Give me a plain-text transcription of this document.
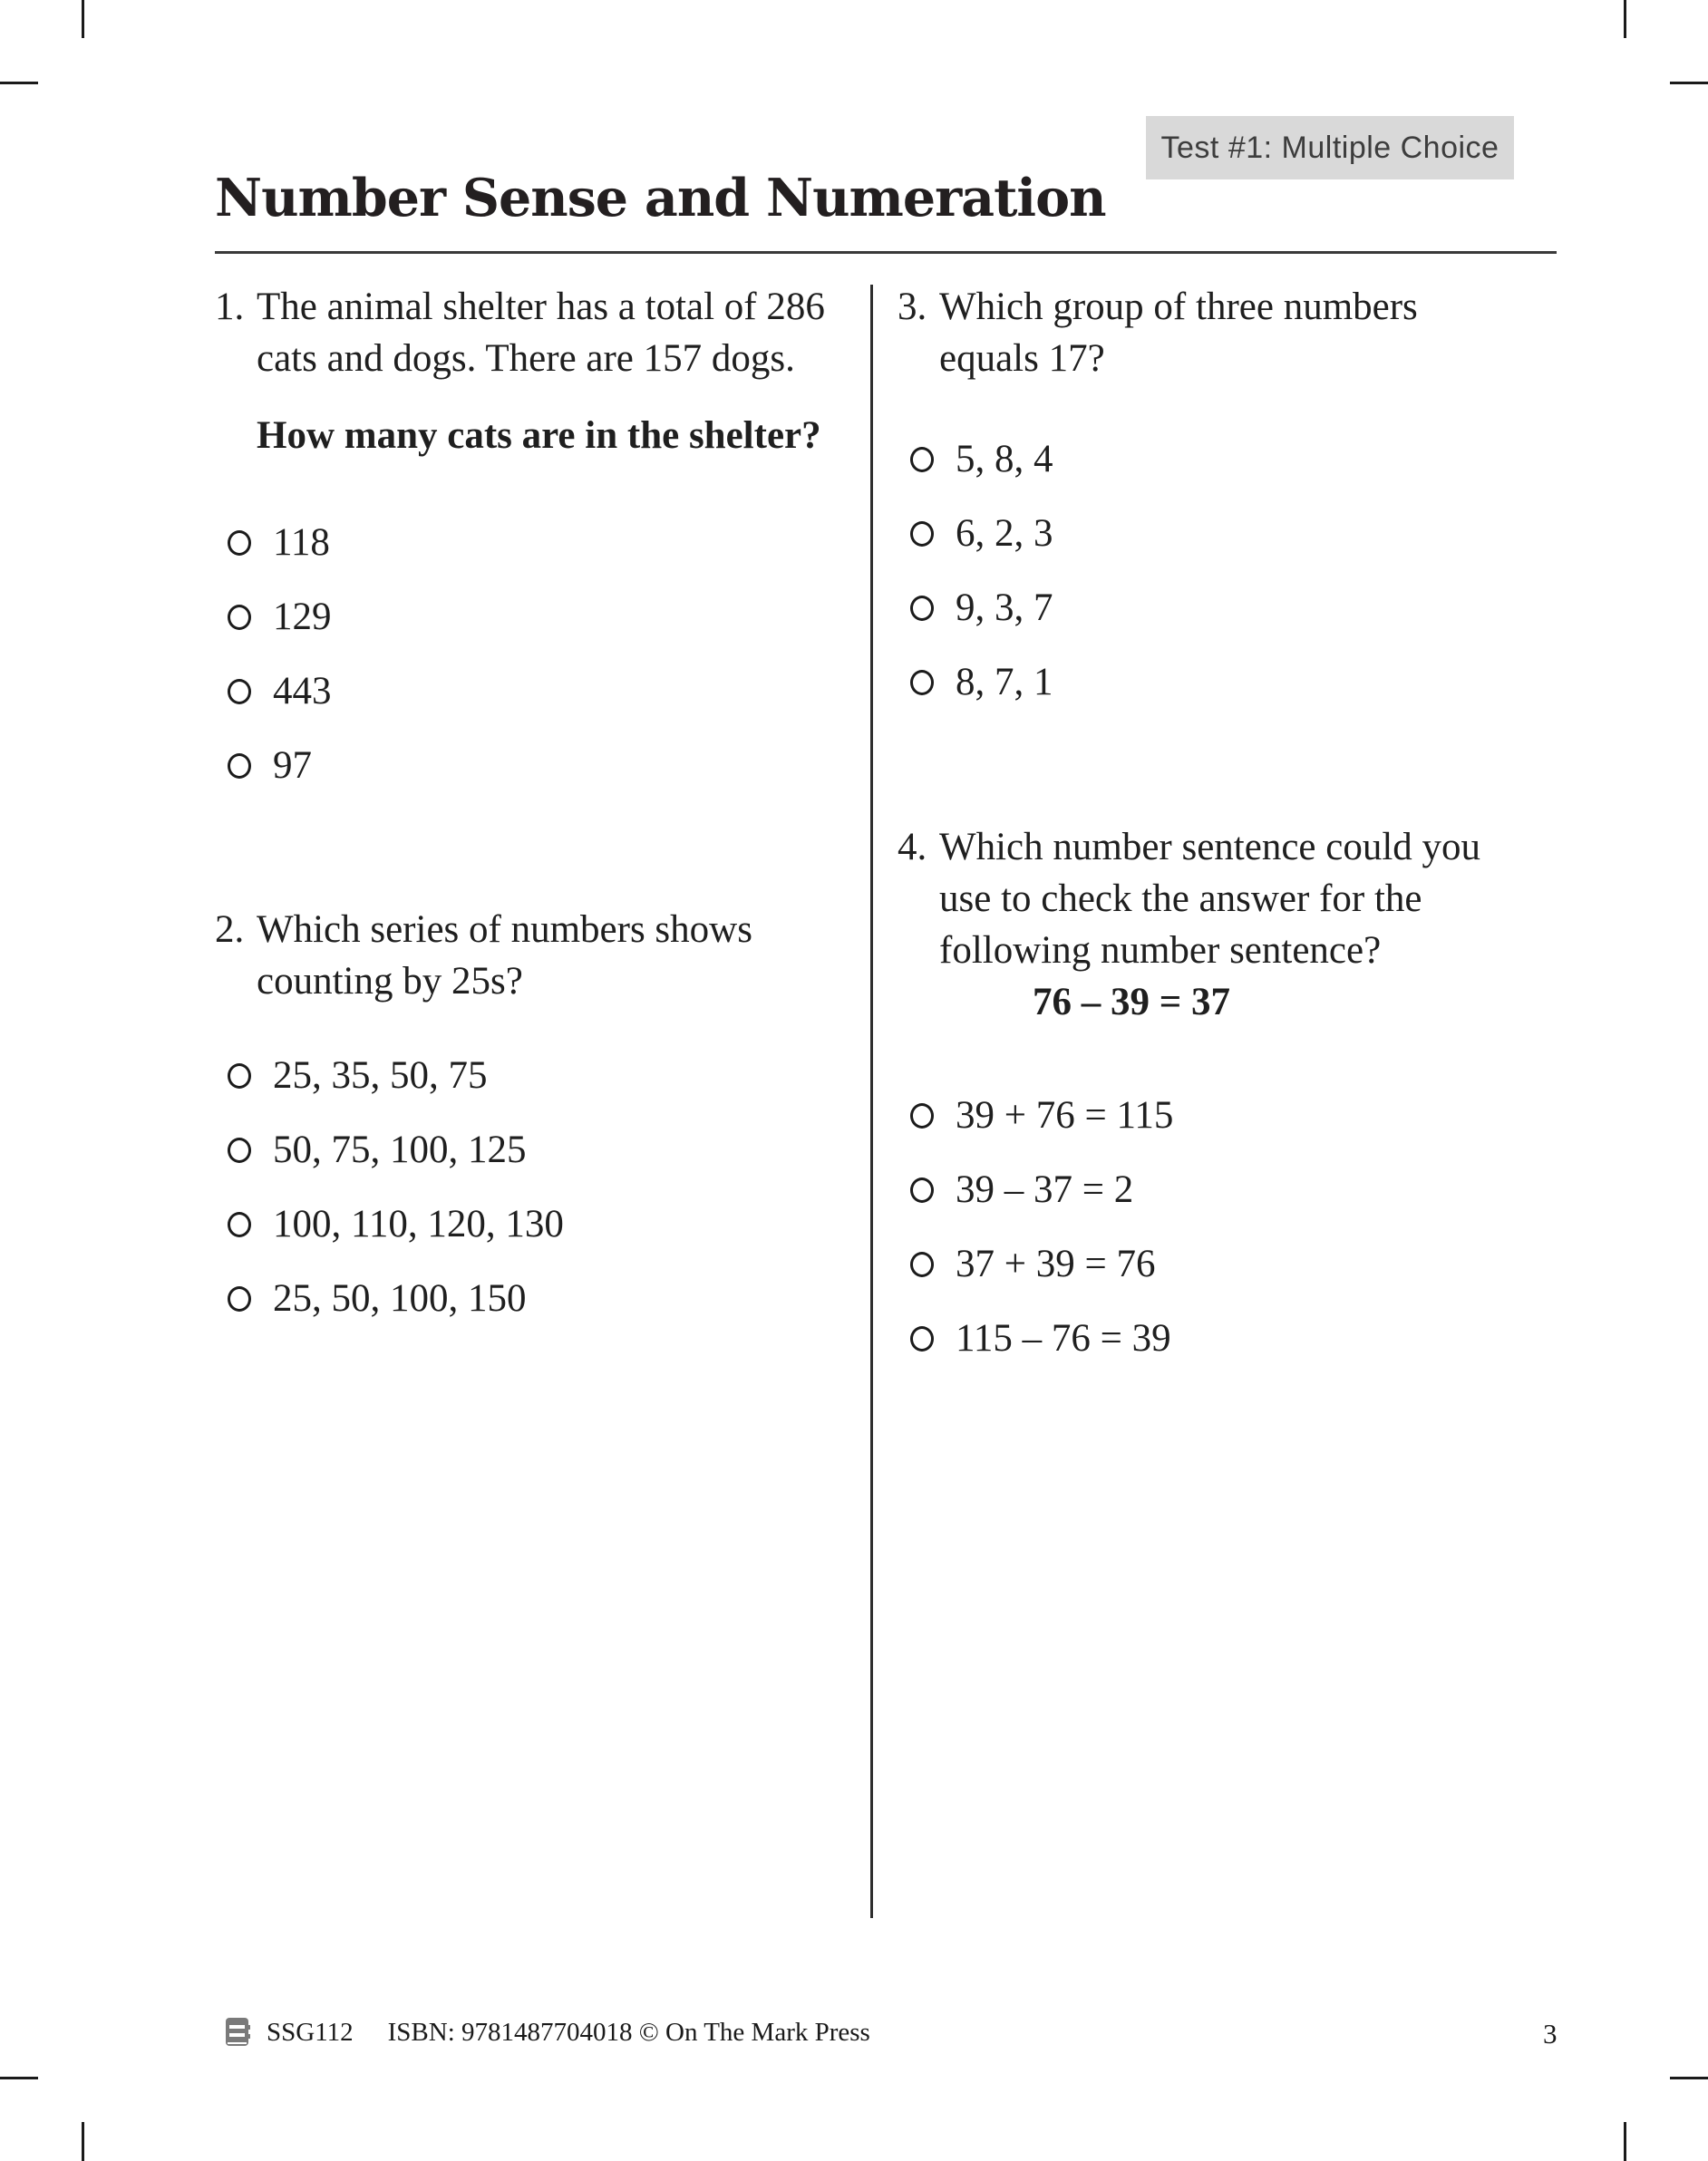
Test #1: Multiple Choice
Number Sense and Numeration
1. The animal shelter has a total of 286 cats and dogs. There are 157 dogs.

How many cats are in the shelter?

118
129
443
97
2. Which series of numbers shows counting by 25s?

25, 35, 50, 75
50, 75, 100, 125
100, 110, 120, 130
25, 50, 100, 150
3. Which group of three numbers equals 17?

5, 8, 4
6, 2, 3
9, 3, 7
8, 7, 1
4. Which number sentence could you use to check the answer for the following number sentence?

76 – 39 = 37

39 + 76 = 115
39 – 37 = 2
37 + 39 = 76
115 – 76 = 39
SSG112 ISBN: 9781487704018 © On The Mark Press	3
